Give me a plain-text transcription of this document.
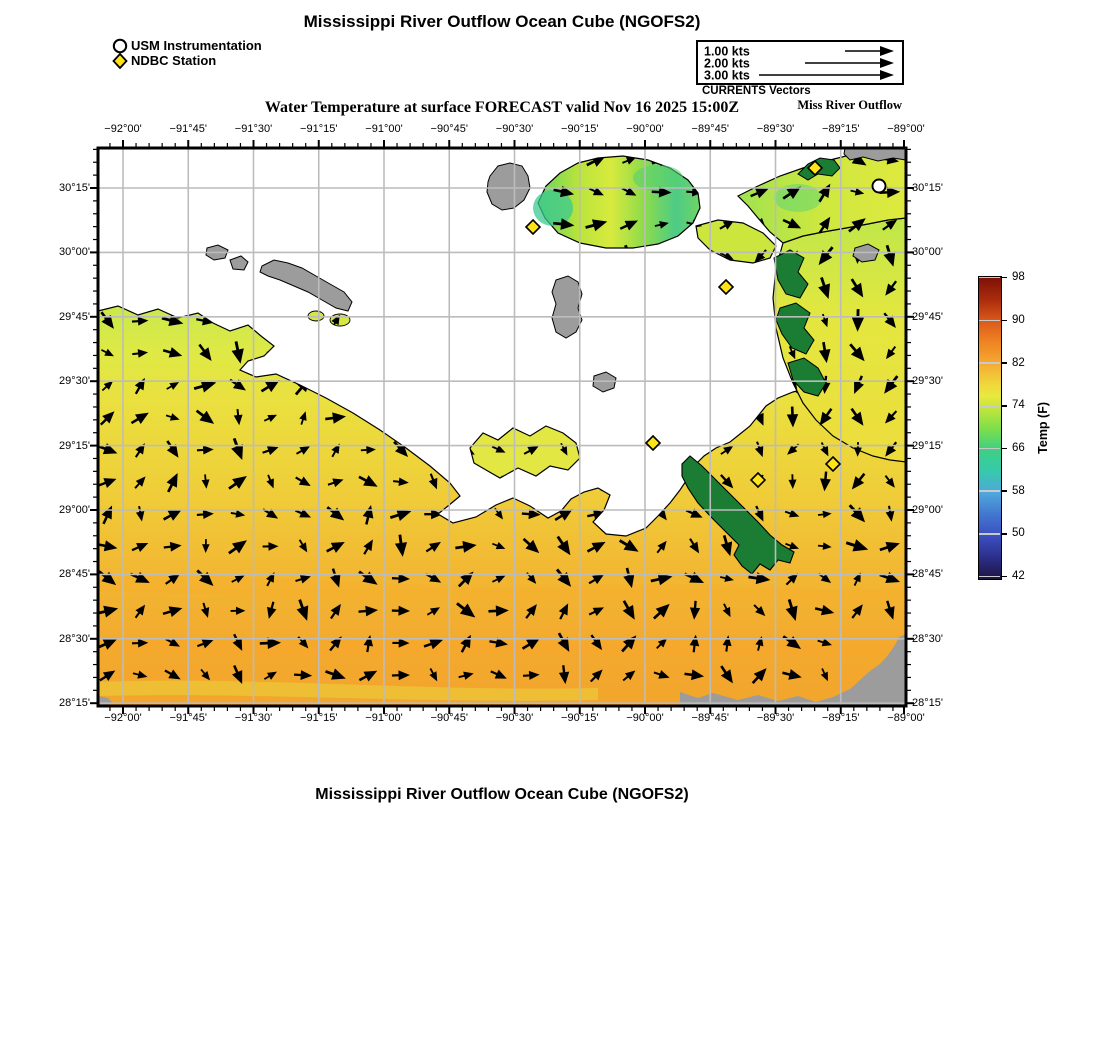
Mississippi River Outflow Ocean Cube (NGOFS2)
USM Instrumentation
NDBC Station
1.00 kts
2.00 kts
3.00 kts
CURRENTS Vectors
Water Temperature at surface FORECAST valid Nov 16 2025 15:00Z	Miss River Outflow
−92°00'
−92°00'
−91°45'
−91°45'
−91°30'
−91°30'
−91°15'
−91°15'
−91°00'
−91°00'
−90°45'
−90°45'
−90°30'
−90°30'
−90°15'
−90°15'
−90°00'
−90°00'
−89°45'
−89°45'
−89°30'
−89°30'
−89°15'
−89°15'
−89°00'
−89°00'
30°15'	30°15'
30°00'	30°00'
29°45'	29°45'
29°30'	29°30'
29°15'	29°15'
29°00'	29°00'
28°45'	28°45'
28°30'	28°30'
28°15'	28°15'
98
90
82
74
66
58
50
42
Temp (F)
Mississippi River Outflow Ocean Cube (NGOFS2)
